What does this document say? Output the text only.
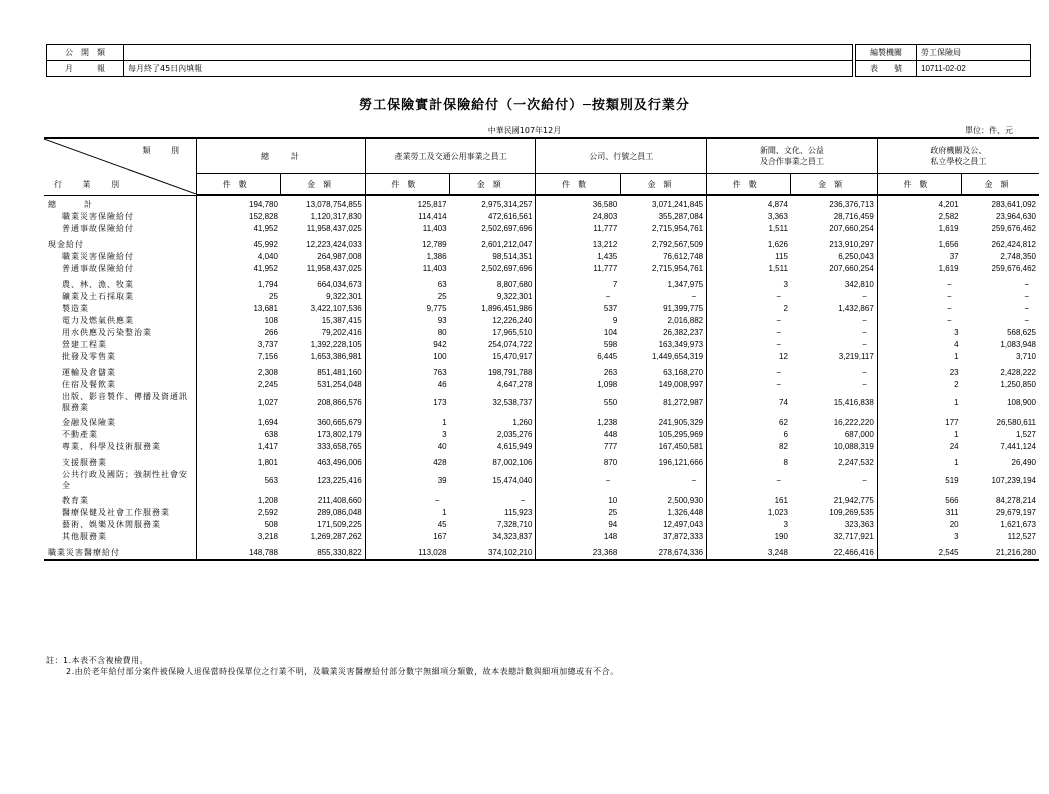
公　開　類	
月　　　報	每月終了45日內填報
編製機關	勞工保險局
表　　號	10711-02-02
勞工保險實計保險給付（一次給付）─按類別及行業分
中華民國107年12月	單位：件、元
類 別
行 業 別	總　　計		產業勞工及交通公用事業之員工		公司、行號之員工		新聞、文化、公益
及合作事業之員工		政府機關及公、
私立學校之員工	
	件數	金額	件數	金額	件數	金額	件數	金額	件數	金額
總　　　計	194,780	13,078,754,855	125,817	2,975,314,257	36,580	3,071,241,845	4,874	236,376,713	4,201	283,641,092
職業災害保險給付	152,828	1,120,317,830	114,414	472,616,561	24,803	355,287,084	3,363	28,716,459	2,582	23,964,630
普通事故保險給付	41,952	11,958,437,025	11,403	2,502,697,696	11,777	2,715,954,761	1,511	207,660,254	1,619	259,676,462

現金給付	45,992	12,223,424,033	12,789	2,601,212,047	13,212	2,792,567,509	1,626	213,910,297	1,656	262,424,812
職業災害保險給付	4,040	264,987,008	1,386	98,514,351	1,435	76,612,748	115	6,250,043	37	2,748,350
普通事故保險給付	41,952	11,958,437,025	11,403	2,502,697,696	11,777	2,715,954,761	1,511	207,660,254	1,619	259,676,462

農、林、漁、牧業	1,794	664,034,673	63	8,807,680	7	1,347,975	3	342,810	−	−
礦業及土石採取業	25	9,322,301	25	9,322,301	−	−	−	−	−	−
製造業	13,681	3,422,107,536	9,775	1,896,451,986	537	91,399,775	2	1,432,867	−	−
電力及燃氣供應業	108	15,387,415	93	12,226,240	9	2,016,882	−	−	−	−
用水供應及污染整治業	266	79,202,416	80	17,965,510	104	26,382,237	−	−	3	568,625
營建工程業	3,737	1,392,228,105	942	254,074,722	598	163,349,973	−	−	4	1,083,948
批發及零售業	7,156	1,653,386,981	100	15,470,917	6,445	1,449,654,319	12	3,219,117	1	3,710

運輸及倉儲業	2,308	851,481,160	763	198,791,788	263	63,168,270	−	−	23	2,428,222
住宿及餐飲業	2,245	531,254,048	46	4,647,278	1,098	149,008,997	−	−	2	1,250,850
出版、影音製作、傳播及資通訊服務業	1,027	208,866,576	173	32,538,737	550	81,272,987	74	15,416,838	1	108,900

金融及保險業	1,694	360,665,679	1	1,260	1,238	241,905,329	62	16,222,220	177	26,580,611
不動產業	638	173,802,179	3	2,035,276	448	105,295,969	6	687,000	1	1,527
專業、科學及技術服務業	1,417	333,658,765	40	4,615,949	777	167,450,581	82	10,088,319	24	7,441,124

支援服務業	1,801	463,496,006	428	87,002,106	870	196,121,666	8	2,247,532	1	26,490
公共行政及國防；強制性社會安全	563	123,225,416	39	15,474,040	−	−	−	−	519	107,239,194

教育業	1,208	211,408,660	−	−	10	2,500,930	161	21,942,775	566	84,278,214
醫療保健及社會工作服務業	2,592	289,086,048	1	115,923	25	1,326,448	1,023	109,269,535	311	29,679,197
藝術、娛樂及休閒服務業	508	171,509,225	45	7,328,710	94	12,497,043	3	323,363	20	1,621,673
其他服務業	3,218	1,269,287,262	167	34,323,837	148	37,872,333	190	32,717,921	3	112,527

職業災害醫療給付	148,788	855,330,822	113,028	374,102,210	23,368	278,674,336	3,248	22,466,416	2,545	21,216,280
註：1.本表不含複檢費用。
2.由於老年給付部分案件被保險人退保當時投保單位之行業不明，及職業災害醫療給付部分數字無細項分類數，故本表總計數與細項加總或有不合。
